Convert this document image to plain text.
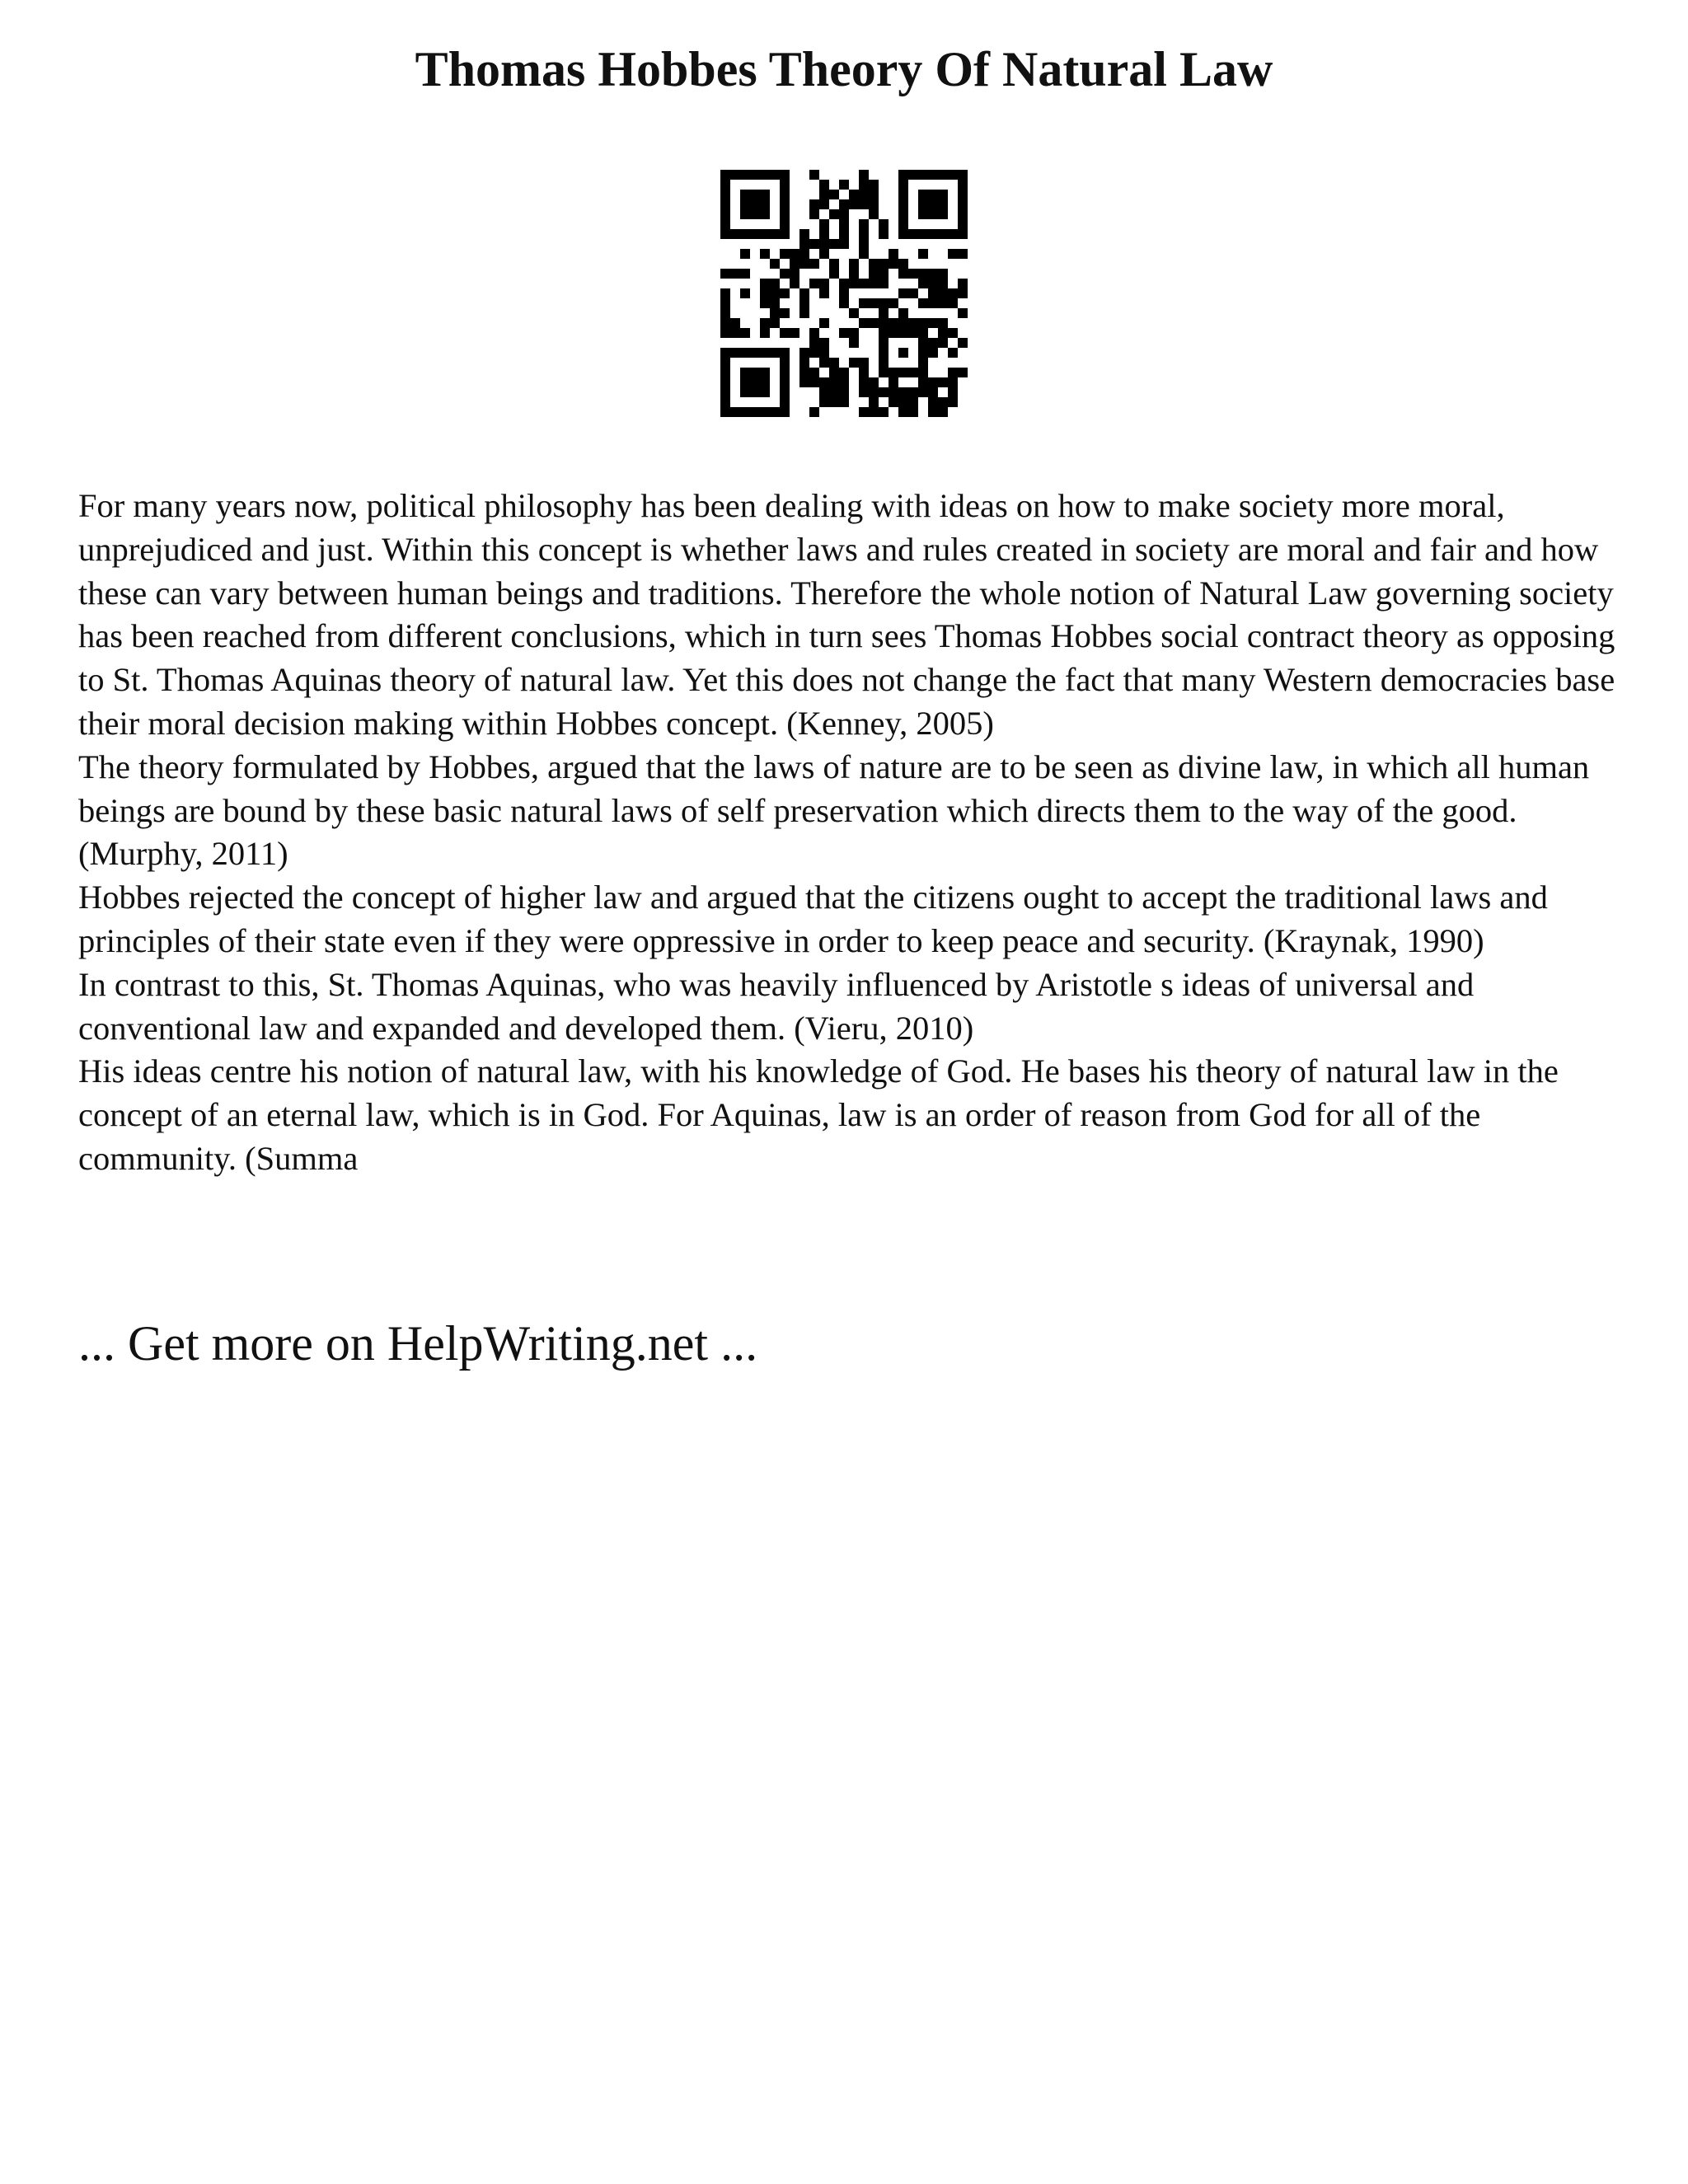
Thomas Hobbes Theory Of Natural Law

For many years now, political philosophy has been dealing with ideas on how to make society more moral, unprejudiced and just. Within this concept is whether laws and rules created in society are moral and fair and how these can vary between human beings and traditions. Therefore the whole notion of Natural Law governing society has been reached from different conclusions, which in turn sees Thomas Hobbes social contract theory as opposing to St. Thomas Aquinas theory of natural law. Yet this does not change the fact that many Western democracies base their moral decision making within Hobbes concept. (Kenney, 2005)

The theory formulated by Hobbes, argued that the laws of nature are to be seen as divine law, in which all human beings are bound by these basic natural laws of self preservation which directs them to the way of the good. (Murphy, 2011)

Hobbes rejected the concept of higher law and argued that the citizens ought to accept the traditional laws and principles of their state even if they were oppressive in order to keep peace and security. (Kraynak, 1990)

In contrast to this, St. Thomas Aquinas, who was heavily influenced by Aristotle s ideas of universal and conventional law and expanded and developed them. (Vieru, 2010)

His ideas centre his notion of natural law, with his knowledge of God. He bases his theory of natural law in the concept of an eternal law, which is in God. For Aquinas, law is an order of reason from God for all of the community. (Summa

... Get more on HelpWriting.net ...
